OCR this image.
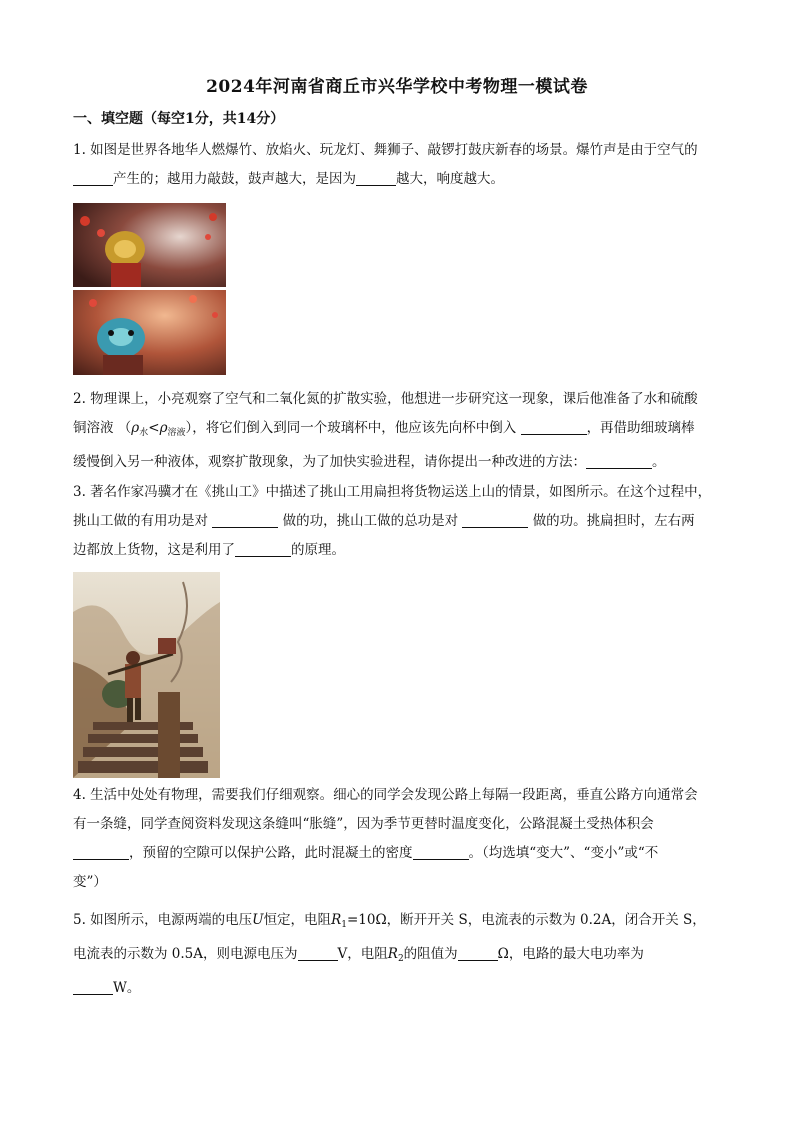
2024年河南省商丘市兴华学校中考物理一模试卷
一、填空题（每空1分，共14分）
1. 如图是世界各地华人燃爆竹、放焰火、玩龙灯、舞狮子、敲锣打鼓庆新春的场景。爆竹声是由于空气的
产生的；越用力敲鼓，鼓声越大，是因为	越大，响度越大。
2. 物理课上，小亮观察了空气和二氧化氮的扩散实验，他想进一步研究这一现象，课后他准备了水和硫酸
铜溶液 $(\rho_水<\rho_{溶液})$，将它们倒入到同一个玻璃杯中，他应该先向杯中倒入	，再借助细玻璃棒
缓慢倒入另一种液体，观察扩散现象，为了加快实验进程，请你提出一种改进的方法：	。
3. 著名作家冯骥才在《挑山工》中描述了挑山工用扁担将货物运送上山的情景，如图所示。在这个过程中，
挑山工做的有用功是对	做的功，挑山工做的总功是对	做的功。挑扁担时，左右两
边都放上货物，这是利用了	的原理。
4. 生活中处处有物理，需要我们仔细观察。细心的同学会发现公路上每隔一段距离，垂直公路方向通常会
有一条缝，同学查阅资料发现这条缝叫“胀缝”，因为季节更替时温度变化，公路混凝土受热体积会
，预留的空隙可以保护公路，此时混凝土的密度	。（均选填“变大”、“变小”或“不
变”）
5. 如图所示，电源两端的电压U恒定，电阻$R_1=10\Omega$，断开开关 S，电流表的示数为 0.2A，闭合开关 S，
电流表的示数为 0.5A，则电源电压为	V，电阻$R_2$的阻值为	Ω，电路的最大电功率为
W。
